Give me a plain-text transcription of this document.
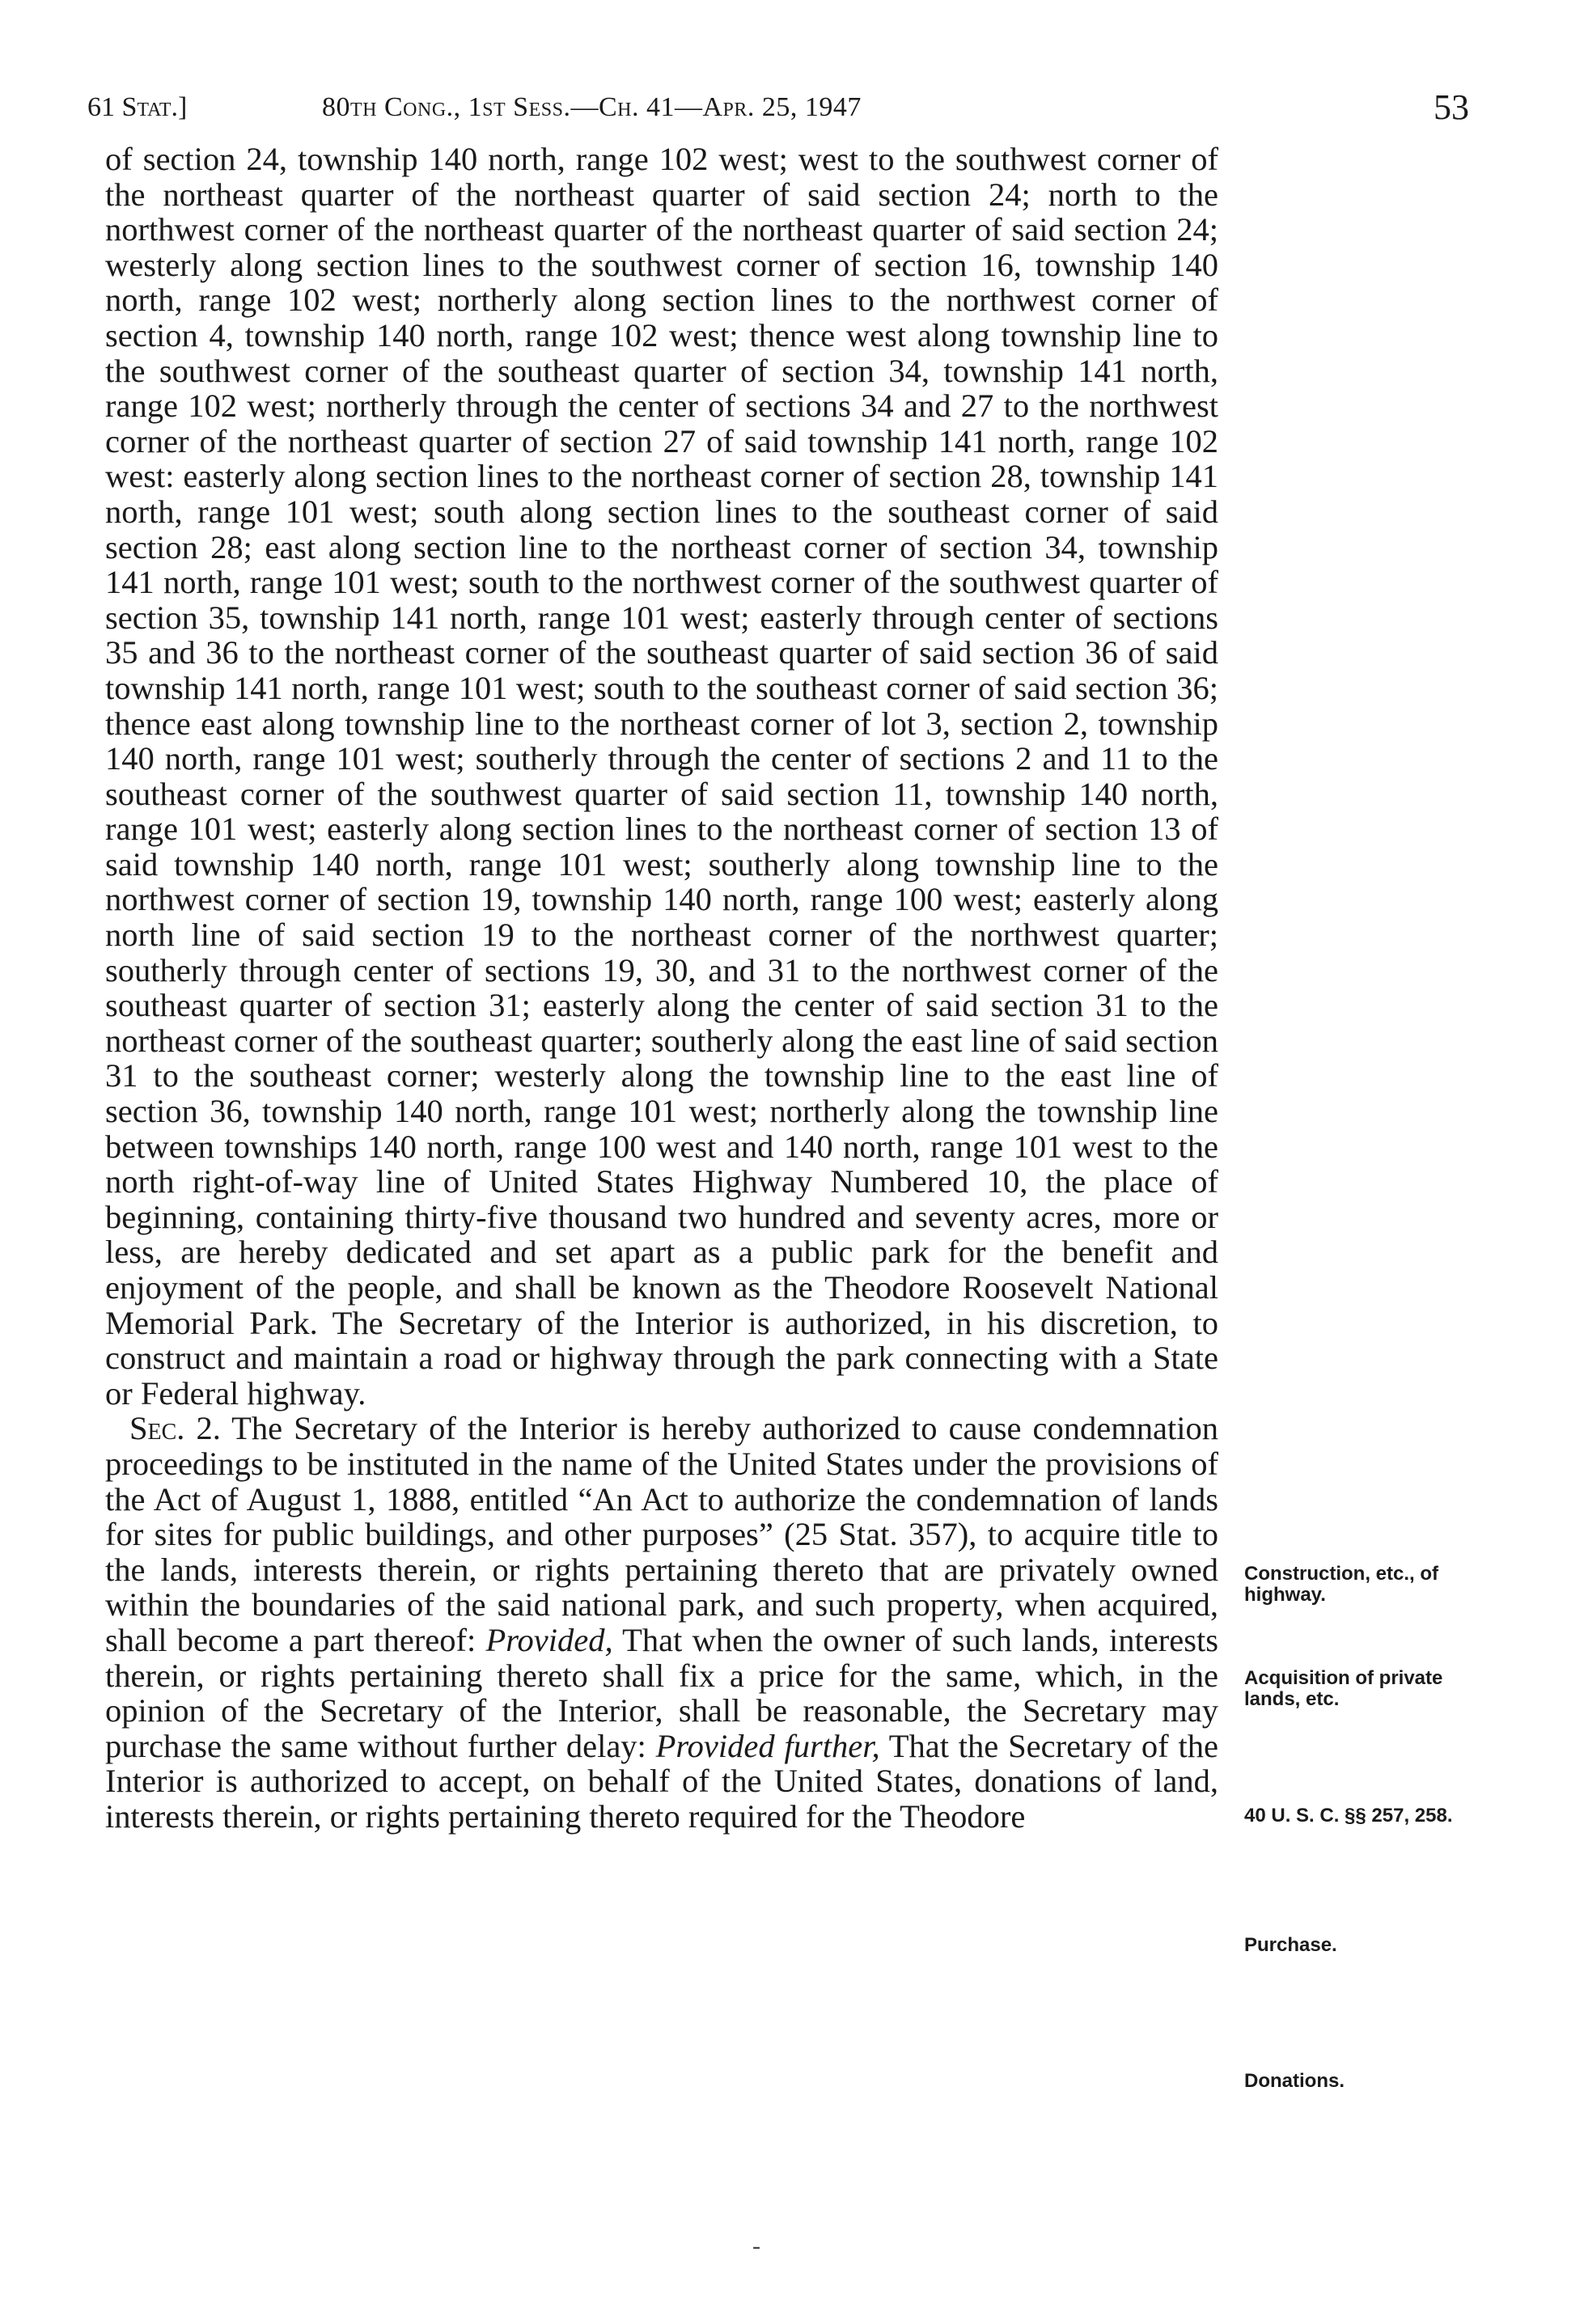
61 Stat.]	80th Cong., 1st Sess.—Ch. 41—Apr. 25, 1947	53

of section 24, township 140 north, range 102 west; west to the southwest corner of the northeast quarter of the northeast quarter of said section 24; north to the northwest corner of the northeast quarter of the northeast quarter of said section 24; westerly along section lines to the southwest corner of section 16, township 140 north, range 102 west; northerly along section lines to the northwest corner of section 4, township 140 north, range 102 west; thence west along township line to the southwest corner of the southeast quarter of section 34, township 141 north, range 102 west; northerly through the center of sections 34 and 27 to the northwest corner of the northeast quarter of section 27 of said township 141 north, range 102 west: easterly along section lines to the northeast corner of section 28, township 141 north, range 101 west; south along section lines to the southeast corner of said section 28; east along section line to the northeast corner of section 34, township 141 north, range 101 west; south to the northwest corner of the southwest quarter of section 35, township 141 north, range 101 west; easterly through center of sections 35 and 36 to the northeast corner of the southeast quarter of said section 36 of said township 141 north, range 101 west; south to the southeast corner of said section 36; thence east along township line to the northeast corner of lot 3, section 2, township 140 north, range 101 west; southerly through the center of sections 2 and 11 to the southeast corner of the southwest quarter of said section 11, township 140 north, range 101 west; easterly along section lines to the northeast corner of section 13 of said township 140 north, range 101 west; southerly along township line to the northwest corner of section 19, township 140 north, range 100 west; easterly along north line of said section 19 to the northeast corner of the northwest quarter; southerly through center of sections 19, 30, and 31 to the northwest corner of the southeast quarter of section 31; easterly along the center of said section 31 to the northeast corner of the southeast quarter; southerly along the east line of said section 31 to the southeast corner; westerly along the township line to the east line of section 36, township 140 north, range 101 west; northerly along the township line between townships 140 north, range 100 west and 140 north, range 101 west to the north right-of-way line of United States Highway Numbered 10, the place of beginning, containing thirty-five thousand two hundred and seventy acres, more or less, are hereby dedicated and set apart as a public park for the benefit and enjoyment of the people, and shall be known as the Theodore Roosevelt National Memorial Park. The Secretary of the Interior is authorized, in his discretion, to construct and maintain a road or highway through the park connecting with a State or Federal highway.

Sec. 2. The Secretary of the Interior is hereby authorized to cause condemnation proceedings to be instituted in the name of the United States under the provisions of the Act of August 1, 1888, entitled “An Act to authorize the condemnation of lands for sites for public buildings, and other purposes” (25 Stat. 357), to acquire title to the lands, interests therein, or rights pertaining thereto that are privately owned within the boundaries of the said national park, and such property, when acquired, shall become a part thereof: Provided, That when the owner of such lands, interests therein, or rights pertaining thereto shall fix a price for the same, which, in the opinion of the Secretary of the Interior, shall be reasonable, the Secretary may purchase the same without further delay: Provided further, That the Secretary of the Interior is authorized to accept, on behalf of the United States, donations of land, interests therein, or rights pertaining thereto required for the Theodore

Construction, etc., of highway.
Acquisition of private lands, etc.
40 U. S. C. §§ 257, 258.
Purchase.
Donations.
-
